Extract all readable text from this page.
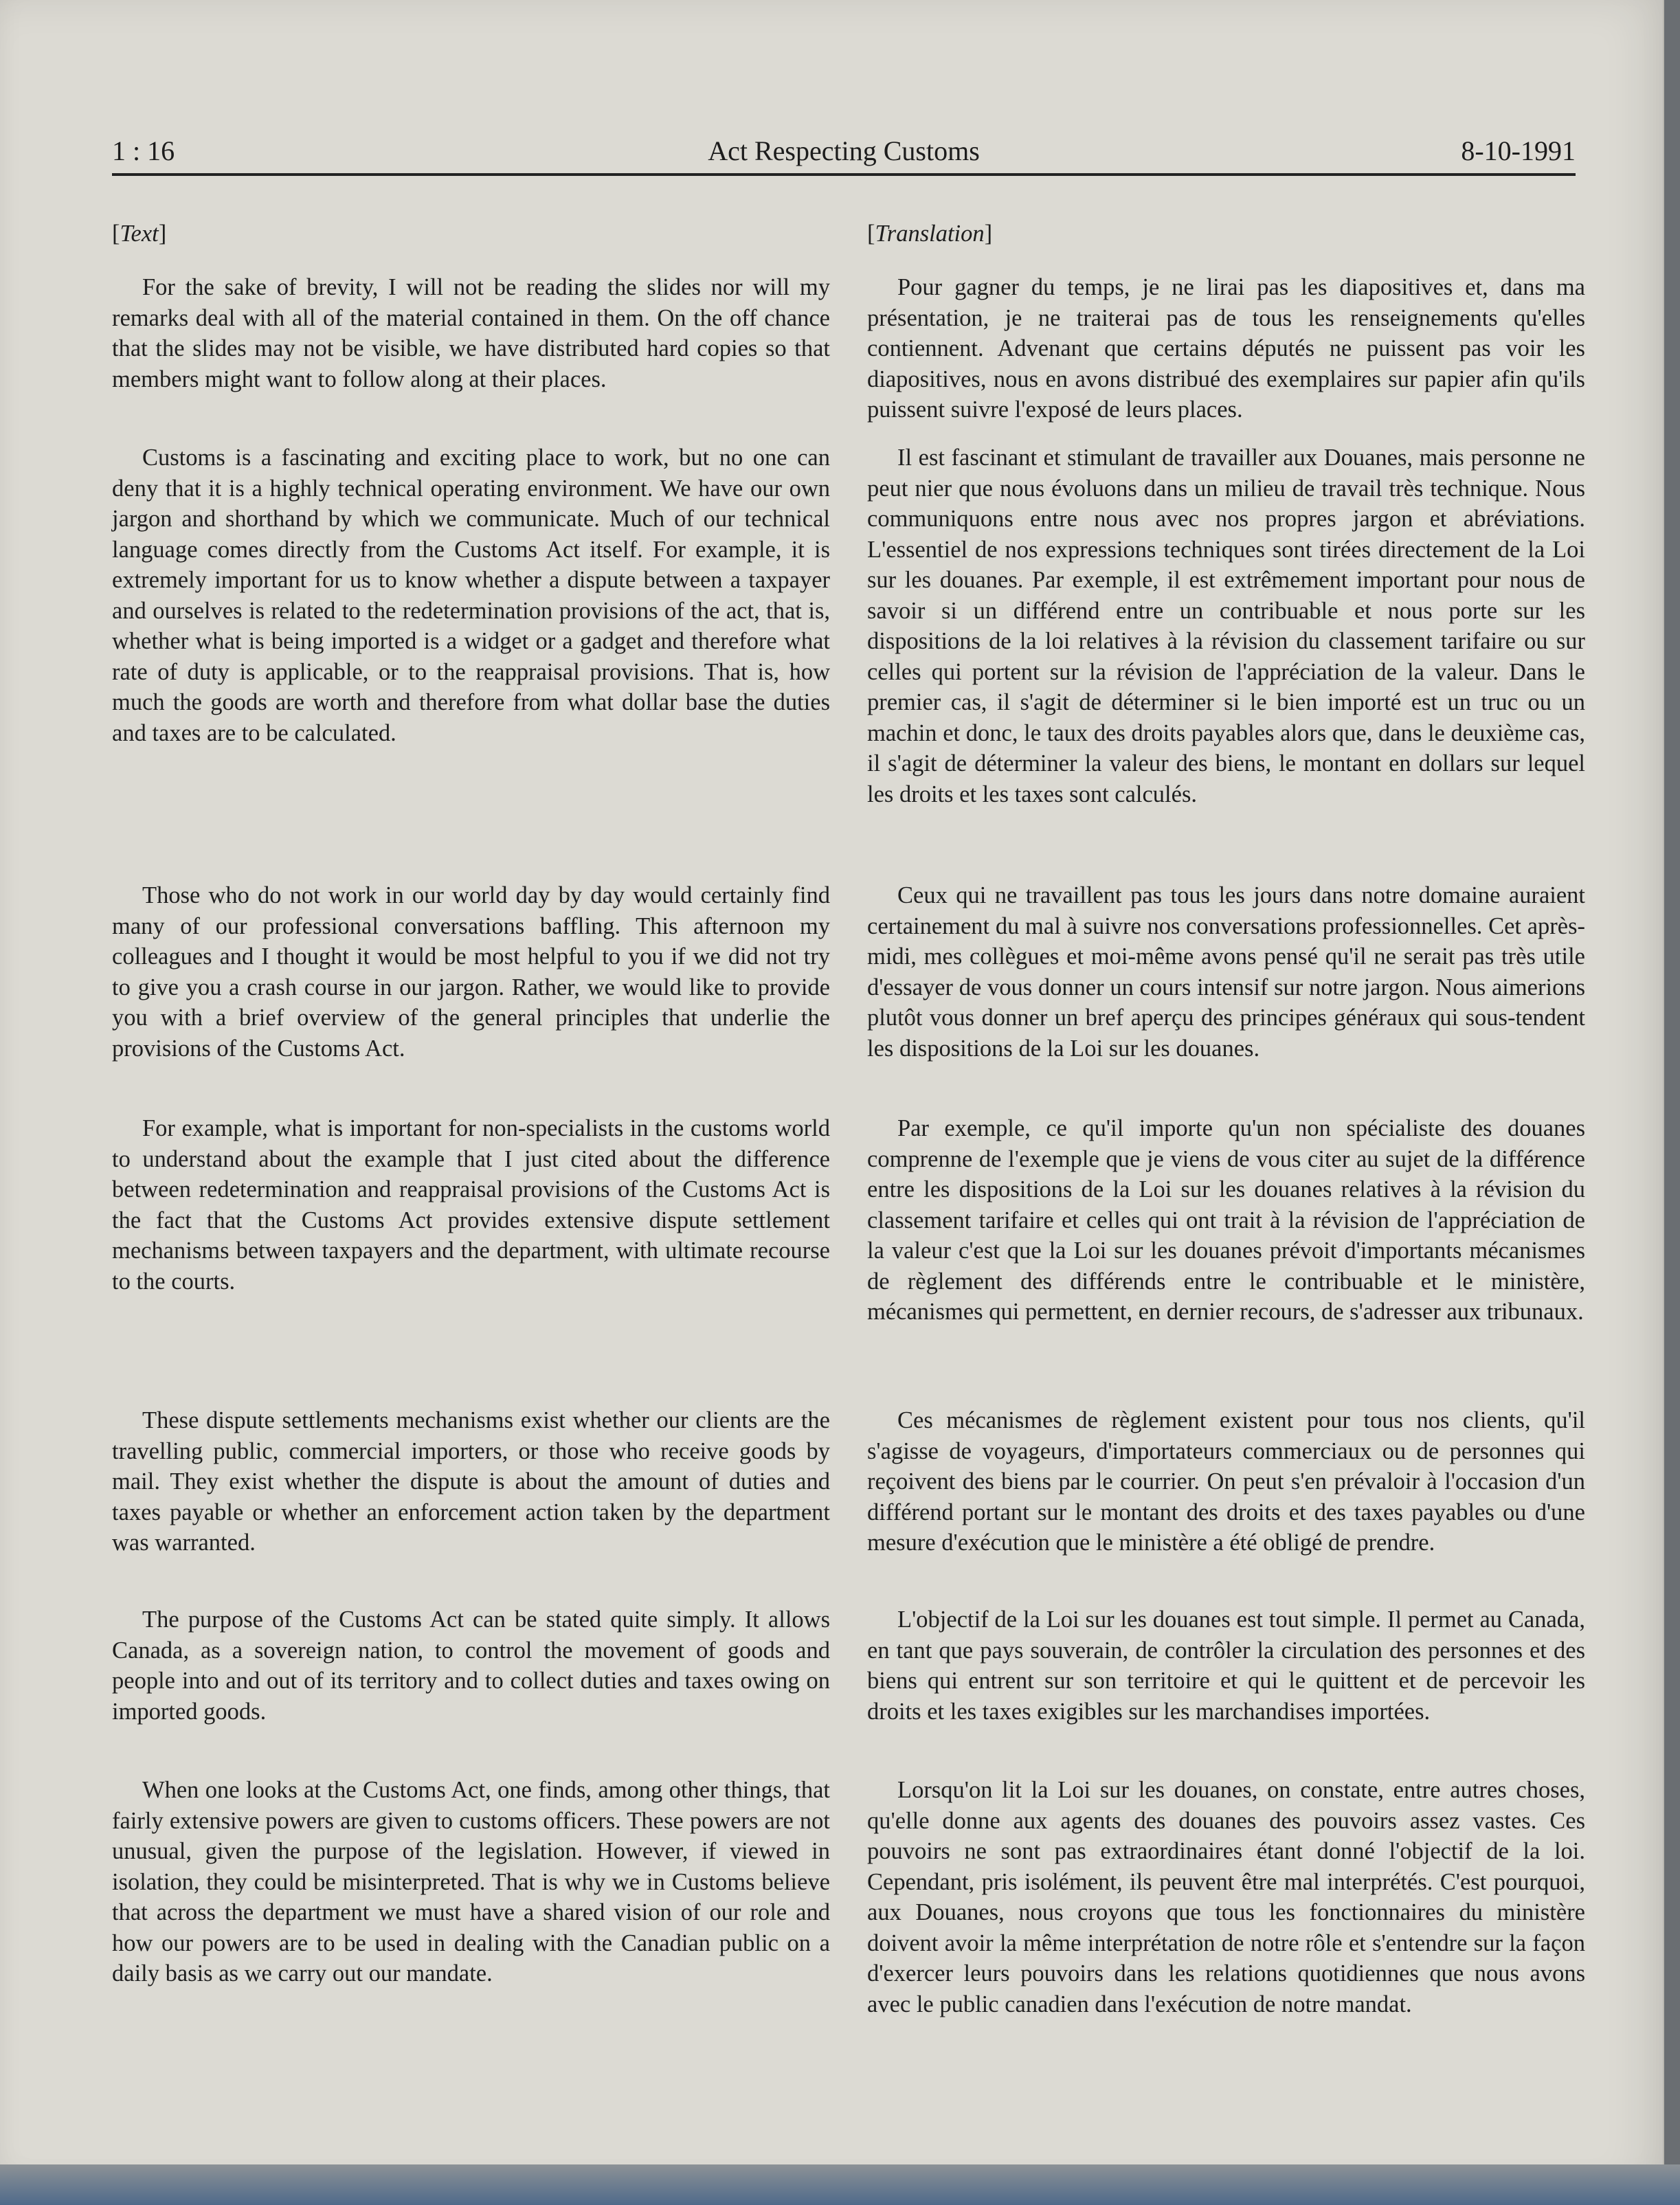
1 : 16	Act Respecting Customs	8-10-1991
[Text]

For the sake of brevity, I will not be reading the slides nor will my remarks deal with all of the material contained in them. On the off chance that the slides may not be visible, we have distributed hard copies so that members might want to follow along at their places.

Customs is a fascinating and exciting place to work, but no one can deny that it is a highly technical operating environment. We have our own jargon and shorthand by which we communicate. Much of our technical language comes directly from the Customs Act itself. For example, it is extremely important for us to know whether a dispute between a taxpayer and ourselves is related to the redetermination provisions of the act, that is, whether what is being imported is a widget or a gadget and therefore what rate of duty is applicable, or to the reappraisal provisions. That is, how much the goods are worth and therefore from what dollar base the duties and taxes are to be calculated.

Those who do not work in our world day by day would certainly find many of our professional conversations baffling. This afternoon my colleagues and I thought it would be most helpful to you if we did not try to give you a crash course in our jargon. Rather, we would like to provide you with a brief overview of the general principles that underlie the provisions of the Customs Act.

For example, what is important for non-specialists in the customs world to understand about the example that I just cited about the difference between redetermination and reappraisal provisions of the Customs Act is the fact that the Customs Act provides extensive dispute settlement mechanisms between taxpayers and the department, with ultimate recourse to the courts.

These dispute settlements mechanisms exist whether our clients are the travelling public, commercial importers, or those who receive goods by mail. They exist whether the dispute is about the amount of duties and taxes payable or whether an enforcement action taken by the department was warranted.

The purpose of the Customs Act can be stated quite simply. It allows Canada, as a sovereign nation, to control the movement of goods and people into and out of its territory and to collect duties and taxes owing on imported goods.

When one looks at the Customs Act, one finds, among other things, that fairly extensive powers are given to customs officers. These powers are not unusual, given the purpose of the legislation. However, if viewed in isolation, they could be misinterpreted. That is why we in Customs believe that across the department we must have a shared vision of our role and how our powers are to be used in dealing with the Canadian public on a daily basis as we carry out our mandate.

[Translation]

Pour gagner du temps, je ne lirai pas les diapositives et, dans ma présentation, je ne traiterai pas de tous les renseignements qu'elles contiennent. Advenant que certains députés ne puissent pas voir les diapositives, nous en avons distribué des exemplaires sur papier afin qu'ils puissent suivre l'exposé de leurs places.

Il est fascinant et stimulant de travailler aux Douanes, mais personne ne peut nier que nous évoluons dans un milieu de travail très technique. Nous communiquons entre nous avec nos propres jargon et abréviations. L'essentiel de nos expressions techniques sont tirées directement de la Loi sur les douanes. Par exemple, il est extrêmement important pour nous de savoir si un différend entre un contribuable et nous porte sur les dispositions de la loi relatives à la révision du classement tarifaire ou sur celles qui portent sur la révision de l'appréciation de la valeur. Dans le premier cas, il s'agit de déterminer si le bien importé est un truc ou un machin et donc, le taux des droits payables alors que, dans le deuxième cas, il s'agit de déterminer la valeur des biens, le montant en dollars sur lequel les droits et les taxes sont calculés.

Ceux qui ne travaillent pas tous les jours dans notre domaine auraient certainement du mal à suivre nos conversations professionnelles. Cet après-midi, mes collègues et moi-même avons pensé qu'il ne serait pas très utile d'essayer de vous donner un cours intensif sur notre jargon. Nous aimerions plutôt vous donner un bref aperçu des principes généraux qui sous-tendent les dispositions de la Loi sur les douanes.

Par exemple, ce qu'il importe qu'un non spécialiste des douanes comprenne de l'exemple que je viens de vous citer au sujet de la différence entre les dispositions de la Loi sur les douanes relatives à la révision du classement tarifaire et celles qui ont trait à la révision de l'appréciation de la valeur c'est que la Loi sur les douanes prévoit d'importants mécanismes de règlement des différends entre le contribuable et le ministère, mécanismes qui permettent, en dernier recours, de s'adresser aux tribunaux.

Ces mécanismes de règlement existent pour tous nos clients, qu'il s'agisse de voyageurs, d'importateurs commerciaux ou de personnes qui reçoivent des biens par le courrier. On peut s'en prévaloir à l'occasion d'un différend portant sur le montant des droits et des taxes payables ou d'une mesure d'exécution que le ministère a été obligé de prendre.

L'objectif de la Loi sur les douanes est tout simple. Il permet au Canada, en tant que pays souverain, de contrôler la circulation des personnes et des biens qui entrent sur son territoire et qui le quittent et de percevoir les droits et les taxes exigibles sur les marchandises importées.

Lorsqu'on lit la Loi sur les douanes, on constate, entre autres choses, qu'elle donne aux agents des douanes des pouvoirs assez vastes. Ces pouvoirs ne sont pas extraordinaires étant donné l'objectif de la loi. Cependant, pris isolément, ils peuvent être mal interprétés. C'est pourquoi, aux Douanes, nous croyons que tous les fonctionnaires du ministère doivent avoir la même interprétation de notre rôle et s'entendre sur la façon d'exercer leurs pouvoirs dans les relations quotidiennes que nous avons avec le public canadien dans l'exécution de notre mandat.
